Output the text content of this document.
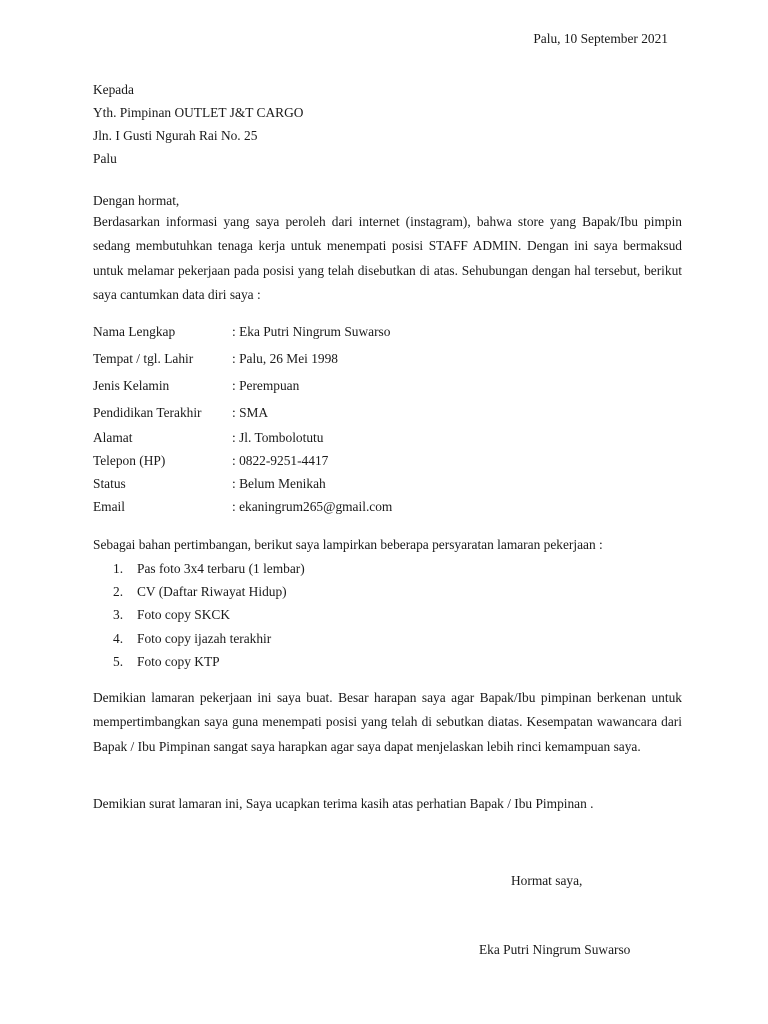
Palu, 10 September 2021
Kepada
Yth. Pimpinan OUTLET J&T CARGO
Jln. I Gusti Ngurah Rai No. 25
Palu
Dengan hormat,
Berdasarkan informasi yang saya peroleh dari internet (instagram), bahwa store yang Bapak/Ibu pimpin sedang membutuhkan tenaga kerja untuk menempati posisi STAFF ADMIN. Dengan ini saya bermaksud untuk melamar pekerjaan pada posisi yang telah disebutkan di atas. Sehubungan dengan hal tersebut, berikut saya cantumkan data diri saya :
Nama Lengkap	: Eka Putri Ningrum Suwarso
Tempat / tgl. Lahir	: Palu, 26 Mei 1998
Jenis Kelamin	: Perempuan
Pendidikan Terakhir	: SMA
Alamat	: Jl. Tombolotutu
Telepon (HP)	: 0822-9251-4417
Status	: Belum Menikah
Email	: ekaningrum265@gmail.com
Sebagai bahan pertimbangan, berikut saya lampirkan beberapa persyaratan lamaran pekerjaan :
1. Pas foto 3x4 terbaru (1 lembar)
2. CV (Daftar Riwayat Hidup)
3. Foto copy SKCK
4. Foto copy ijazah terakhir
5. Foto copy KTP
Demikian lamaran pekerjaan ini saya buat. Besar harapan saya agar Bapak/Ibu pimpinan berkenan untuk mempertimbangkan saya guna menempati posisi yang telah di sebutkan diatas. Kesempatan wawancara dari Bapak / Ibu Pimpinan sangat saya harapkan agar saya dapat menjelaskan lebih rinci kemampuan saya.
Demikian surat lamaran ini, Saya ucapkan terima kasih atas perhatian Bapak / Ibu Pimpinan .
Hormat saya,
Eka Putri Ningrum Suwarso
